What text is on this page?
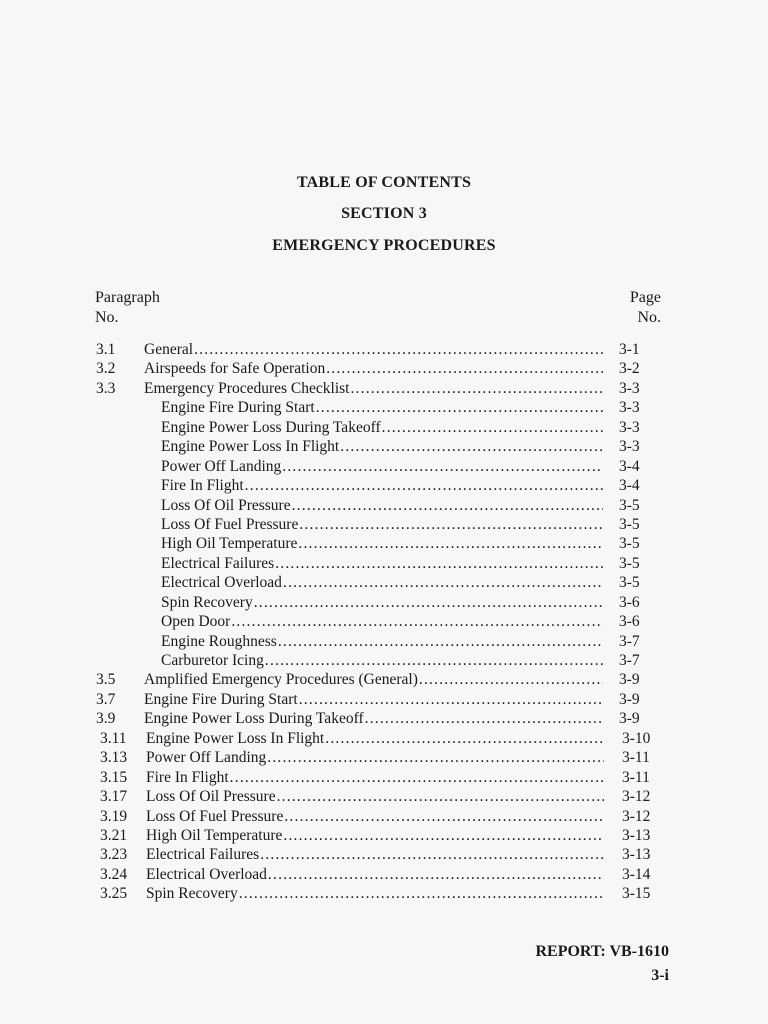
TABLE OF CONTENTS
SECTION 3
EMERGENCY PROCEDURES
Paragraph
No.
Page
No.
3.1 General .....	3-1
3.2 Airspeeds for Safe Operation .....	3-2
3.3 Emergency Procedures Checklist .....	3-3
Engine Fire During Start .....	3-3
Engine Power Loss During Takeoff .....	3-3
Engine Power Loss In Flight .....	3-3
Power Off Landing .....	3-4
Fire In Flight .....	3-4
Loss Of Oil Pressure .....	3-5
Loss Of Fuel Pressure .....	3-5
High Oil Temperature .....	3-5
Electrical Failures .....	3-5
Electrical Overload .....	3-5
Spin Recovery .....	3-6
Open Door .....	3-6
Engine Roughness .....	3-7
Carburetor Icing .....	3-7
3.5 Amplified Emergency Procedures (General) .....	3-9
3.7 Engine Fire During Start .....	3-9
3.9 Engine Power Loss During Takeoff .....	3-9
3.11 Engine Power Loss In Flight .....	3-10
3.13 Power Off Landing .....	3-11
3.15 Fire In Flight .....	3-11
3.17 Loss Of Oil Pressure .....	3-12
3.19 Loss Of Fuel Pressure .....	3-12
3.21 High Oil Temperature .....	3-13
3.23 Electrical Failures .....	3-13
3.24 Electrical Overload .....	3-14
3.25 Spin Recovery .....	3-15
REPORT: VB-1610
3-i
